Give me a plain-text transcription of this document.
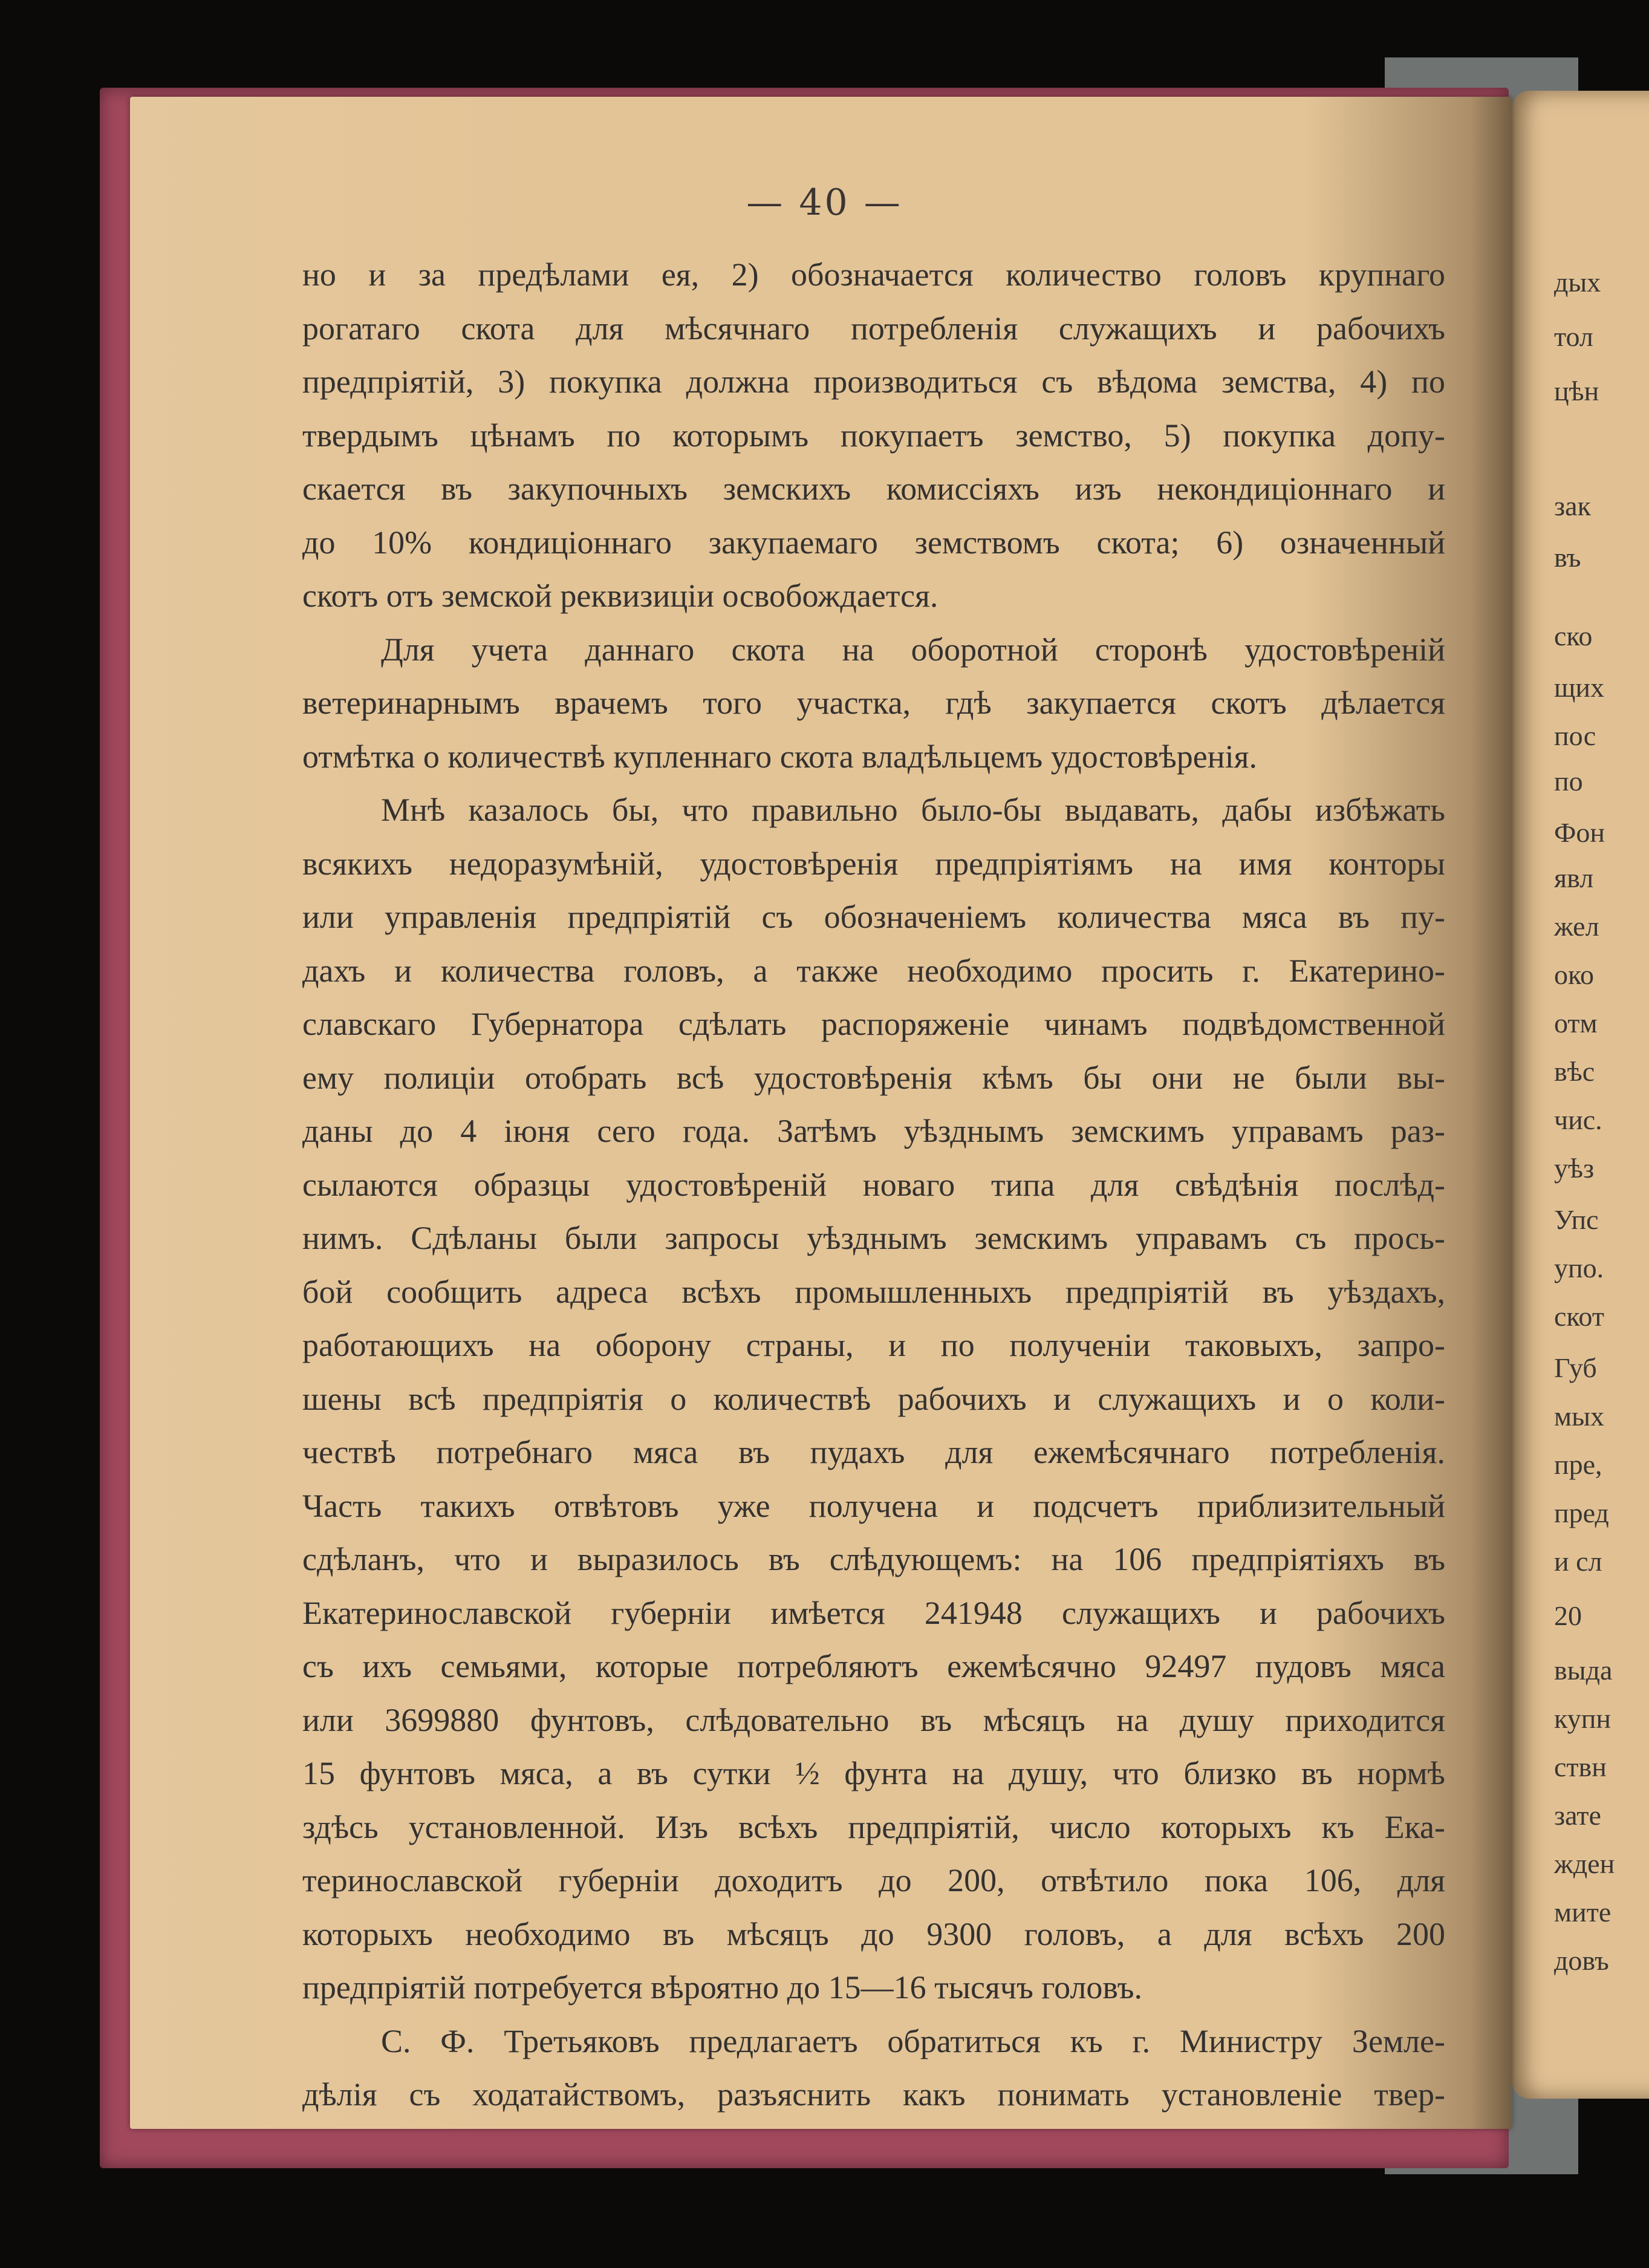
— 40 —
но и за предѣлами ея, 2) обозначается количество головъ крупнаго
рогатаго скота для мѣсячнаго потребленія служащихъ и рабочихъ
предпріятій, 3) покупка должна производиться съ вѣдома земства, 4) по
твердымъ цѣнамъ по которымъ покупаетъ земство, 5) покупка допу-
скается въ закупочныхъ земскихъ комиссіяхъ изъ некондиціоннаго и
до 10% кондиціоннаго закупаемаго земствомъ скота; 6) означенный
скотъ отъ земской реквизиціи освобождается.
Для учета даннаго скота на оборотной сторонѣ удостовѣреній
ветеринарнымъ врачемъ того участка, гдѣ закупается скотъ дѣлается
отмѣтка о количествѣ купленнаго скота владѣльцемъ удостовѣренія.
Мнѣ казалось бы, что правильно было-бы выдавать, дабы избѣжать
всякихъ недоразумѣній, удостовѣренія предпріятіямъ на имя конторы
или управленія предпріятій съ обозначеніемъ количества мяса въ пу-
дахъ и количества головъ, а также необходимо просить г. Екатерино-
славскаго Губернатора сдѣлать распоряженіе чинамъ подвѣдомственной
ему полиціи отобрать всѣ удостовѣренія кѣмъ бы они не были вы-
даны до 4 іюня сего года. Затѣмъ уѣзднымъ земскимъ управамъ раз-
сылаются образцы удостовѣреній новаго типа для свѣдѣнія послѣд-
нимъ. Сдѣланы были запросы уѣзднымъ земскимъ управамъ съ прось-
бой сообщить адреса всѣхъ промышленныхъ предпріятій въ уѣздахъ,
работающихъ на оборону страны, и по полученіи таковыхъ, запро-
шены всѣ предпріятія о количествѣ рабочихъ и служащихъ и о коли-
чествѣ потребнаго мяса въ пудахъ для ежемѣсячнаго потребленія.
Часть такихъ отвѣтовъ уже получена и подсчетъ приблизительный
сдѣланъ, что и выразилось въ слѣдующемъ: на 106 предпріятіяхъ въ
Екатеринославской губерніи имѣется 241948 служащихъ и рабочихъ
съ ихъ семьями, которые потребляютъ ежемѣсячно 92497 пудовъ мяса
или 3699880 фунтовъ, слѣдовательно въ мѣсяцъ на душу приходится
15 фунтовъ мяса, а въ сутки ½ фунта на душу, что близко въ нормѣ
здѣсь установленной. Изъ всѣхъ предпріятій, число которыхъ къ Ека-
теринославской губерніи доходитъ до 200, отвѣтило пока 106, для
которыхъ необходимо въ мѣсяцъ до 9300 головъ, а для всѣхъ 200
предпріятій потребуется вѣроятно до 15—16 тысячъ головъ.
С. Ф. Третьяковъ предлагаетъ обратиться къ г. Министру Земле-
дѣлія съ ходатайствомъ, разъяснить какъ понимать установленіе твер-
дых
тол
цѣн
зак
въ
ско
щих
пос
по
Фон
явл
жел
око
отм
вѣс
чис.
уѣз
Упс
упо.
скот
Губ
мых
пре,
пред
и сл
20
выда
купн
ствн
зате
жден
мите
довъ
